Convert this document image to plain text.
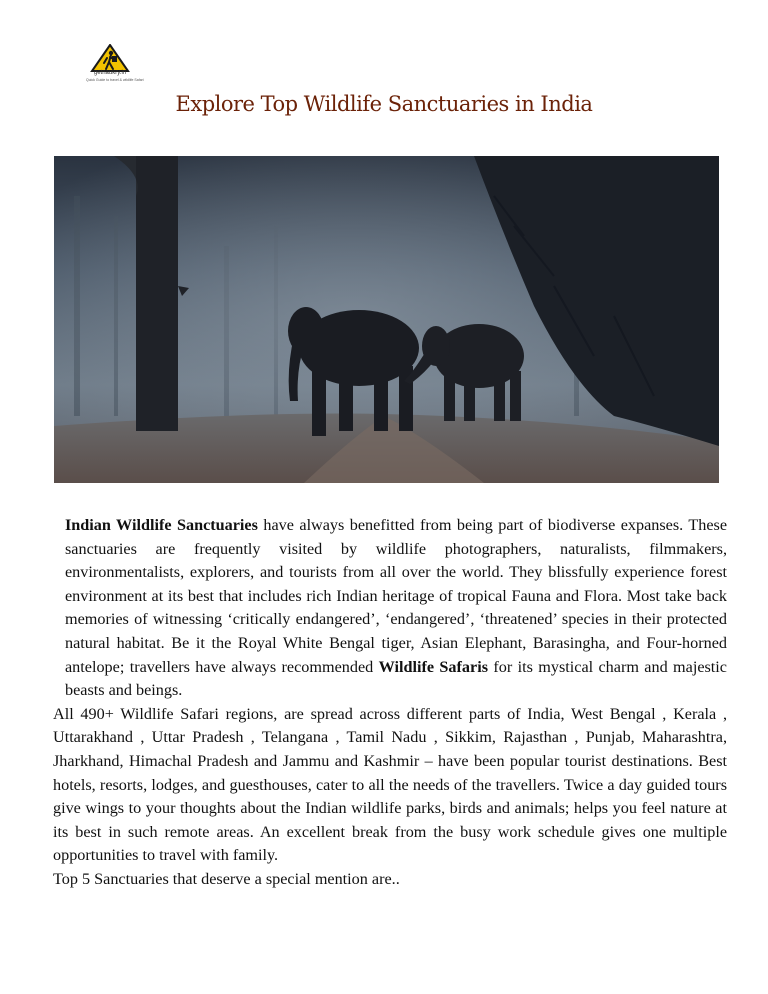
getnaukry.in
Quick Guide to travel & wildlife Safari
Explore Top Wildlife Sanctuaries in India

Indian Wildlife Sanctuaries have always benefitted from being part of biodiverse expanses. These sanctuaries are frequently visited by wildlife photographers, naturalists, filmmakers, environmentalists, explorers, and tourists from all over the world. They blissfully experience forest environment at its best that includes rich Indian heritage of tropical Fauna and Flora. Most take back memories of witnessing ‘critically endangered’, ‘endangered’, ‘threatened’ species in their protected natural habitat. Be it the Royal White Bengal tiger, Asian Elephant, Barasingha, and Four-horned antelope; travellers have always recommended Wildlife Safaris for its mystical charm and majestic beasts and beings.

All 490+ Wildlife Safari regions, are spread across different parts of India, West Bengal , Kerala , Uttarakhand , Uttar Pradesh , Telangana , Tamil Nadu , Sikkim, Rajasthan , Punjab, Maharashtra, Jharkhand, Himachal Pradesh and Jammu and Kashmir – have been popular tourist destinations. Best hotels, resorts, lodges, and guesthouses, cater to all the needs of the travellers. Twice a day guided tours give wings to your thoughts about the Indian wildlife parks, birds and animals; helps you feel nature at its best in such remote areas. An excellent break from the busy work schedule gives one multiple opportunities to travel with family.

Top 5 Sanctuaries that deserve a special mention are..
